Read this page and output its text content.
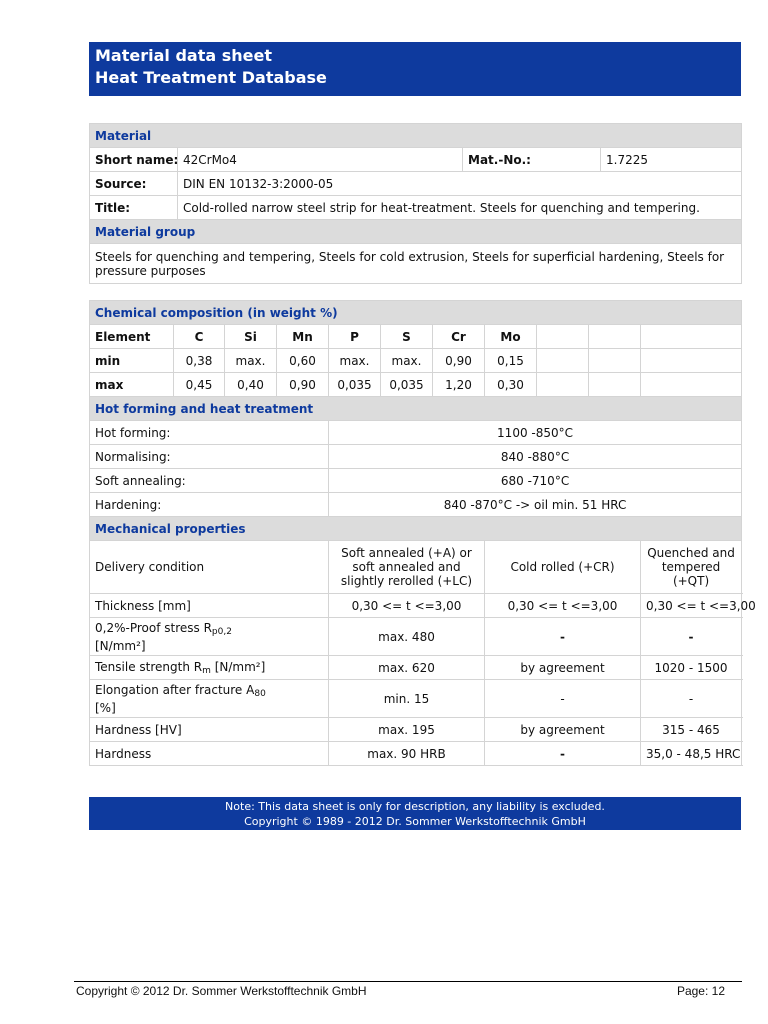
Material data sheet
Heat Treatment Database
Material			
Short name:	42CrMo4	Mat.-No.:	1.7225
Source:	DIN EN 10132-3:2000-05		
Title:	Cold-rolled narrow steel strip for heat-treatment. Steels for quenching and tempering.		
Material group			
Steels for quenching and tempering, Steels for cold extrusion, Steels for superficial hardening, Steels for pressure purposes			
Chemical composition (in weight %)										
Element	C	Si	Mn	P	S	Cr	Mo			
min	0,38	max.	0,60	max.	max.	0,90	0,15			
max	0,45	0,40	0,90	0,035	0,035	1,20	0,30			
Hot forming and heat treatment										
Hot forming:				1100 -850°C						
Normalising:				840 -880°C						
Soft annealing:				680 -710°C						
Hardening:				840 -870°C -> oil min. 51 HRC						
Mechanical properties										
Delivery condition				Soft annealed (+A) or soft annealed and slightly rerolled (+LC)			Cold rolled (+CR)			Quenched and tempered (+QT)
Thickness [mm]				0,30 <= t <=3,00			0,30 <= t <=3,00			0,30 <= t <=3,00
0,2%-Proof stress $R_{p0,2}$
[N/mm²]				max. 480			-			-
Tensile strength $R_m$ [N/mm²]				max. 620			by agreement			1020 - 1500
Elongation after fracture $A_{80}$
[%]				min. 15			-			-
Hardness [HV]				max. 195			by agreement			315 - 465
Hardness				max. 90 HRB			-			35,0 - 48,5 HRC
Note: This data sheet is only for description, any liability is excluded.
Copyright © 1989 - 2012 Dr. Sommer Werkstofftechnik GmbH
Copyright © 2012 Dr. Sommer Werkstofftechnik GmbH	Page: 12
